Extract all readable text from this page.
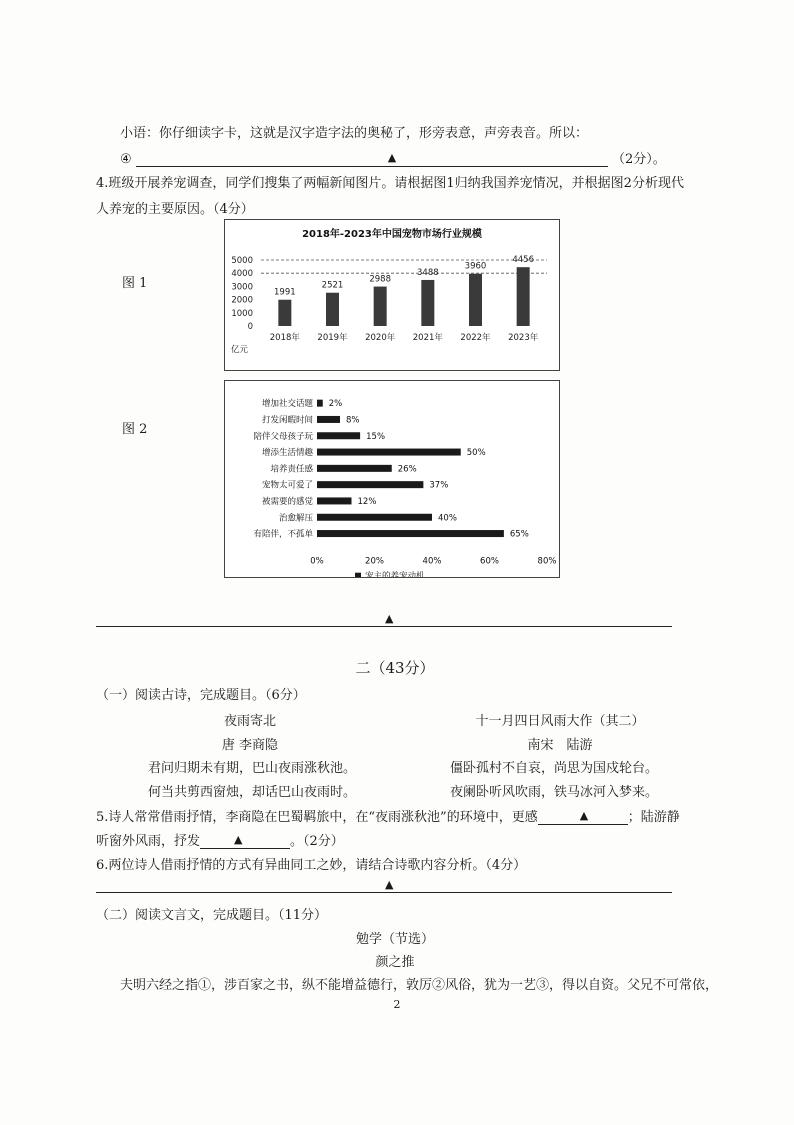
小语：你仔细读字卡，这就是汉字造字法的奥秘了，形旁表意，声旁表音。所以：
④	▲	（2分）。
4.班级开展养宠调查，同学们搜集了两幅新闻图片。请根据图1归纳我国养宠情况，并根据图2分析现代
人养宠的主要原因。（4分）
图 1
图 2
2018年-2023年中国宠物市场行业规模
5000
4000
3000
2000
1000
0
亿元
1991
2018年
2521
2019年
2988
2020年
3488
2021年
3960
2022年
4456
2023年
增加社交话题 2%
打发闲暇时间	8%
陪伴父母孩子玩	15%
增添生活情趣	50%
培养责任感	26%
宠物太可爱了	37%
被需要的感觉	12%
治愈解压	40%
有陪伴，不孤单	65%
0%	20%	40%	60%	80%
宠主的养宠动机
▲
二（43分）
（一）阅读古诗，完成题目。（6分）
夜雨寄北
唐 李商隐
君问归期未有期，巴山夜雨涨秋池。
何当共剪西窗烛，却话巴山夜雨时。
十一月四日风雨大作（其二）
南宋　陆游
僵卧孤村不自哀，尚思为国戍轮台。
夜阑卧听风吹雨，铁马冰河入梦来。
5.诗人常常借雨抒情，李商隐在巴蜀羁旅中，在“夜雨涨秋池”的环境中，更感	▲	；陆游静
听窗外风雨，抒发	▲	。（2分）
6.两位诗人借雨抒情的方式有异曲同工之妙，请结合诗歌内容分析。（4分）
▲
（二）阅读文言文，完成题目。（11分）
勉学（节选）
颜之推
夫明六经之指①，涉百家之书，纵不能增益德行，敦厉②风俗，犹为一艺③，得以自资。父兄不可常依，
2
